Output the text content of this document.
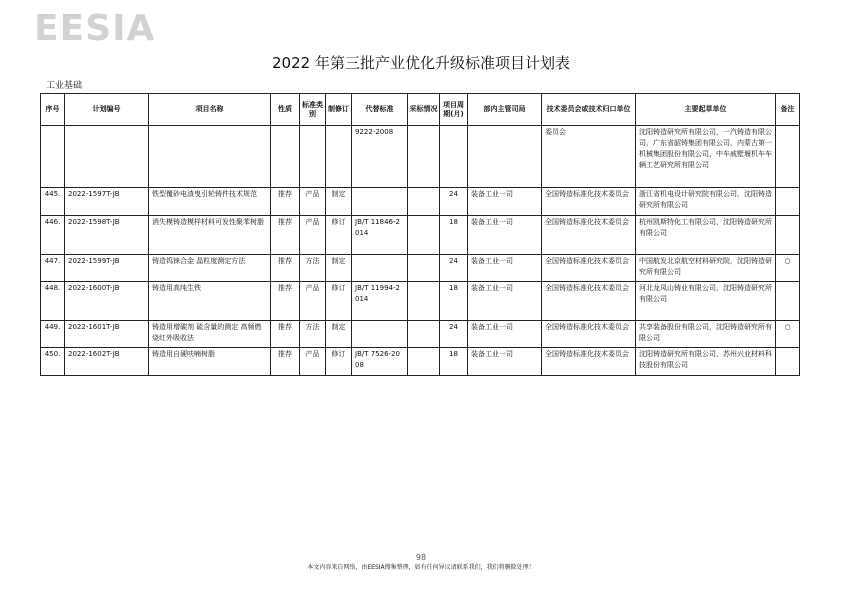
EESIA
2022 年第三批产业优化升级标准项目计划表
工业基础
序号	计划编号	项目名称	性质	标准类别	制修订	代替标准	采标情况	项目周期(月)	部内主管司局	技术委员会或技术归口单位	主要起草单位	备注
						9222-2008				委员会	沈阳铸造研究所有限公司，一汽铸造有限公司，广东省韶铸集团有限公司，内蒙古第一机械集团股份有限公司，中车戚墅堰机车车辆工艺研究所有限公司	
445.	2022-1597T-JB	铁型覆砂电渣曳引轮铸件技术规范	推荐	产品	制定			24	装备工业一司	全国铸造标准化技术委员会	浙江省机电设计研究院有限公司，沈阳铸造研究所有限公司	
446.	2022-1598T-JB	消失模铸造模样材料可发性聚苯树脂	推荐	产品	修订	JB/T 11846-2014		18	装备工业一司	全国铸造标准化技术委员会	杭州凯斯特化工有限公司，沈阳铸造研究所有限公司	
447.	2022-1599T-JB	铸造钨铼合金 晶粒度测定方法	推荐	方法	制定			24	装备工业一司	全国铸造标准化技术委员会	中国航发北京航空材料研究院，沈阳铸造研究所有限公司	○
448.	2022-1600T-JB	铸造用高纯生铁	推荐	产品	修订	JB/T 11994-2014		18	装备工业一司	全国铸造标准化技术委员会	河北龙凤山铸业有限公司，沈阳铸造研究所有限公司	
449.	2022-1601T-JB	铸造用增碳剂 硫含量的测定 高频燃烧红外吸收法	推荐	方法	制定			24	装备工业一司	全国铸造标准化技术委员会	共享装备股份有限公司，沈阳铸造研究所有限公司	○
450.	2022-1602T-JB	铸造用自硬呋喃树脂	推荐	产品	修订	JB/T 7526-2008		18	装备工业一司	全国铸造标准化技术委员会	沈阳铸造研究所有限公司，苏州兴业材料科技股份有限公司	
98
本文内容来自网络，由EESIA搜集整理，如有任何异议请联系我们，我们将删除处理！
